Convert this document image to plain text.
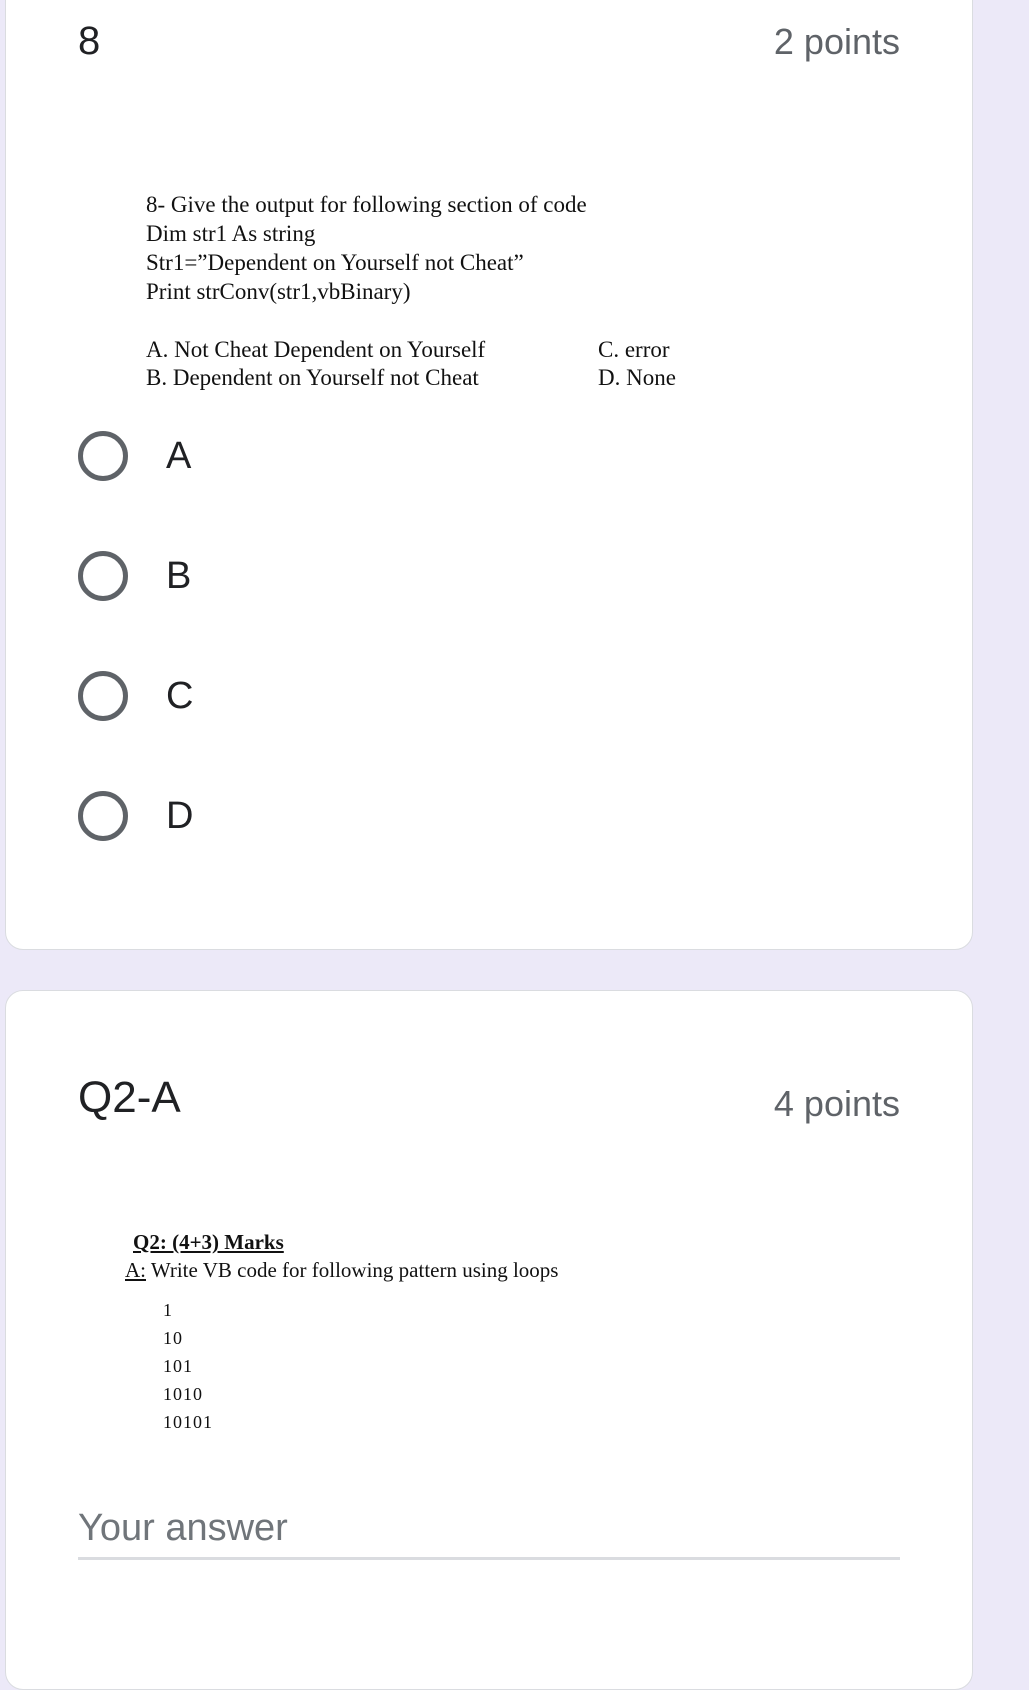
8	2 points
8- Give the output for following section of code
Dim str1 As string
Str1=”Dependent on Yourself not Cheat”
Print strConv(str1,vbBinary)
A. Not Cheat Dependent on Yourself
B. Dependent on Yourself not Cheat
C. error
D. None
A
B
C
D
Q2-A	4 points
Q2: (4+3) Marks
A: Write VB code for following pattern using loops
1
10
101
1010
10101
Your answer
